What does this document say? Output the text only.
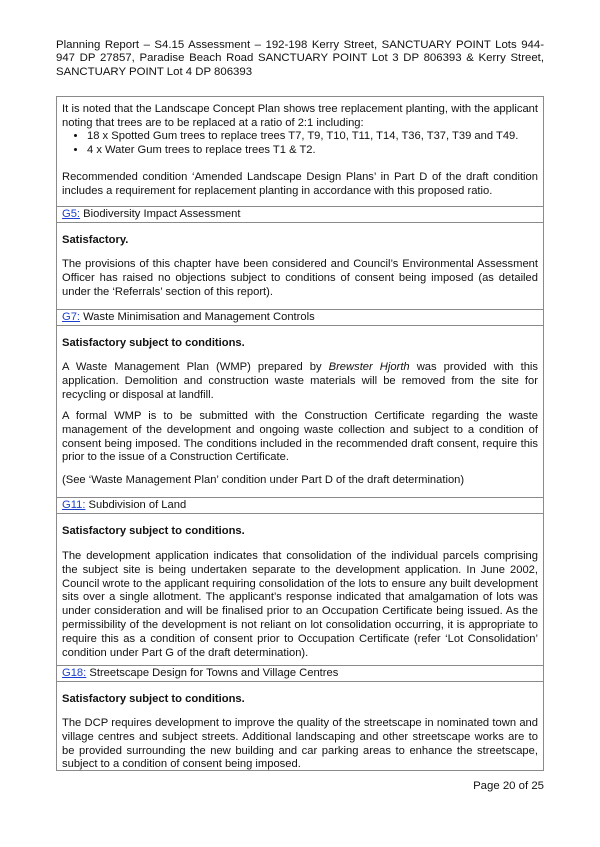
Planning Report – S4.15 Assessment – 192-198 Kerry Street, SANCTUARY POINT Lots 944-947 DP 27857, Paradise Beach Road SANCTUARY POINT Lot 3 DP 806393 & Kerry Street, SANCTUARY POINT Lot 4 DP 806393
It is noted that the Landscape Concept Plan shows tree replacement planting, with the applicant noting that trees are to be replaced at a ratio of 2:1 including:
• 18 x Spotted Gum trees to replace trees T7, T9, T10, T11, T14, T36, T37, T39 and T49.
• 4 x Water Gum trees to replace trees T1 & T2.
Recommended condition ‘Amended Landscape Design Plans’ in Part D of the draft condition includes a requirement for replacement planting in accordance with this proposed ratio.
G5: Biodiversity Impact Assessment
Satisfactory.
The provisions of this chapter have been considered and Council’s Environmental Assessment Officer has raised no objections subject to conditions of consent being imposed (as detailed under the ‘Referrals’ section of this report).
G7: Waste Minimisation and Management Controls
Satisfactory subject to conditions.
A Waste Management Plan (WMP) prepared by Brewster Hjorth was provided with this application. Demolition and construction waste materials will be removed from the site for recycling or disposal at landfill.
A formal WMP is to be submitted with the Construction Certificate regarding the waste management of the development and ongoing waste collection and subject to a condition of consent being imposed. The conditions included in the recommended draft consent, require this prior to the issue of a Construction Certificate.
(See ‘Waste Management Plan’ condition under Part D of the draft determination)
G11: Subdivision of Land
Satisfactory subject to conditions.
The development application indicates that consolidation of the individual parcels comprising the subject site is being undertaken separate to the development application. In June 2002, Council wrote to the applicant requiring consolidation of the lots to ensure any built development sits over a single allotment. The applicant’s response indicated that amalgamation of lots was under consideration and will be finalised prior to an Occupation Certificate being issued. As the permissibility of the development is not reliant on lot consolidation occurring, it is appropriate to require this as a condition of consent prior to Occupation Certificate (refer ‘Lot Consolidation’ condition under Part G of the draft determination).
G18: Streetscape Design for Towns and Village Centres
Satisfactory subject to conditions.
The DCP requires development to improve the quality of the streetscape in nominated town and village centres and subject streets. Additional landscaping and other streetscape works are to be provided surrounding the new building and car parking areas to enhance the streetscape, subject to a condition of consent being imposed.
Page 20 of 25
